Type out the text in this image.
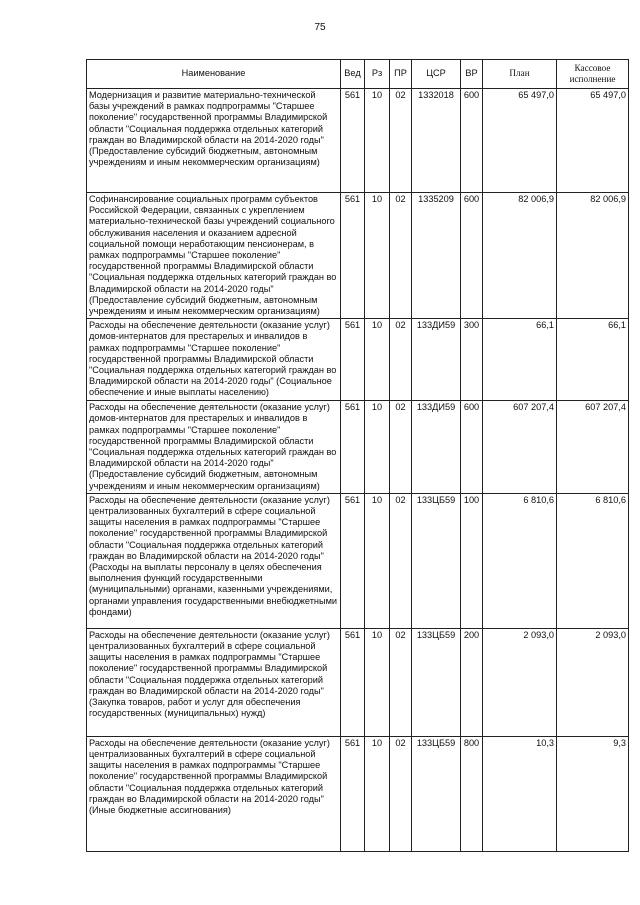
75
Наименование	Вед	Рз	ПР	ЦСР	ВР	План	Кассовое исполнение
Модернизация и развитие материально-технической базы учреждений в рамках подпрограммы "Старшее поколение" государственной программы Владимирской области "Социальная поддержка отдельных категорий граждан во Владимирской области на 2014-2020 годы" (Предоставление субсидий бюджетным, автономным учреждениям и иным некоммерческим организациям)	561	10	02	1332018	600	65 497,0	65 497,0
Софинансирование социальных программ субъектов Российской Федерации, связанных с укреплением материально-технической базы учреждений социального обслуживания населения и оказанием адресной социальной помощи неработающим пенсионерам, в рамках подпрограммы "Старшее поколение" государственной программы Владимирской области "Социальная поддержка отдельных категорий граждан во Владимирской области на 2014-2020 годы" (Предоставление субсидий бюджетным, автономным учреждениям и иным некоммерческим организациям)	561	10	02	1335209	600	82 006,9	82 006,9
Расходы на обеспечение деятельности (оказание услуг) домов-интернатов для престарелых и инвалидов в рамках подпрограммы "Старшее поколение" государственной программы Владимирской области "Социальная поддержка отдельных категорий граждан во Владимирской области на 2014-2020 годы" (Социальное обеспечение и иные выплаты населению)	561	10	02	133ДИ59	300	66,1	66,1
Расходы на обеспечение деятельности (оказание услуг) домов-интернатов для престарелых и инвалидов в рамках подпрограммы "Старшее поколение" государственной программы Владимирской области "Социальная поддержка отдельных категорий граждан во Владимирской области на 2014-2020 годы" (Предоставление субсидий бюджетным, автономным учреждениям и иным некоммерческим организациям)	561	10	02	133ДИ59	600	607 207,4	607 207,4
Расходы на обеспечение деятельности (оказание услуг) централизованных бухгалтерий в сфере социальной защиты населения в рамках подпрограммы "Старшее поколение" государственной программы Владимирской области "Социальная поддержка отдельных категорий граждан во Владимирской области на 2014-2020 годы" (Расходы на выплаты персоналу в целях обеспечения выполнения функций государственными (муниципальными) органами, казенными учреждениями, органами управления государственными внебюджетными фондами)	561	10	02	133ЦБ59	100	6 810,6	6 810,6
Расходы на обеспечение деятельности (оказание услуг) централизованных бухгалтерий в сфере социальной защиты населения в рамках подпрограммы "Старшее поколение" государственной программы Владимирской области "Социальная поддержка отдельных категорий граждан во Владимирской области на 2014-2020 годы" (Закупка товаров, работ и услуг для обеспечения государственных (муниципальных) нужд)	561	10	02	133ЦБ59	200	2 093,0	2 093,0
Расходы на обеспечение деятельности (оказание услуг) централизованных бухгалтерий в сфере социальной защиты населения в рамках подпрограммы "Старшее поколение" государственной программы Владимирской области "Социальная поддержка отдельных категорий граждан во Владимирской области на 2014-2020 годы" (Иные бюджетные ассигнования)	561	10	02	133ЦБ59	800	10,3	9,3
